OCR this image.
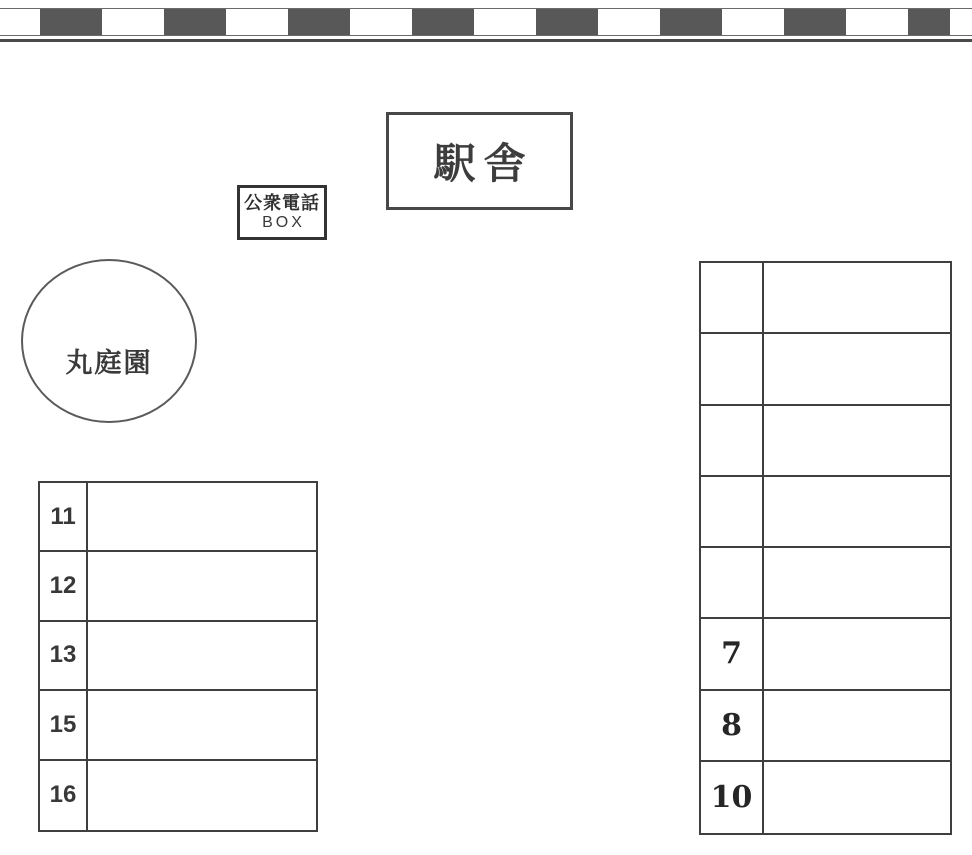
駅舎
公衆電話
BOX
丸庭園
11
12
13
15
16
7
8
10
